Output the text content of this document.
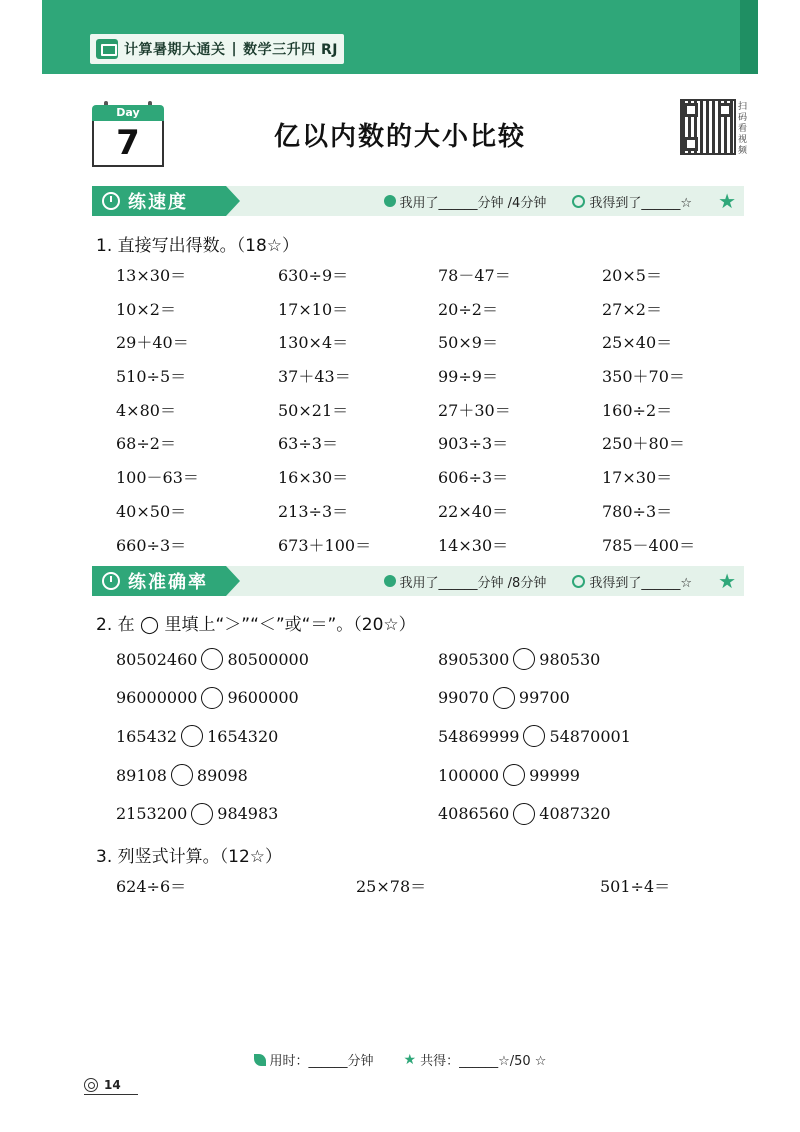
计算暑期大通关 | 数学三升四 RJ
Day
7	亿以内数的大小比较
扫码看视频
练速度	我用了______分钟 /4分钟	我得到了______☆ ★
1. 直接写出得数。（18☆）
13×30＝	630÷9＝	78－47＝	20×5＝
10×2＝	17×10＝	20÷2＝	27×2＝
29＋40＝	130×4＝	50×9＝	25×40＝
510÷5＝	37＋43＝	99÷9＝	350＋70＝
4×80＝	50×21＝	27＋30＝	160÷2＝
68÷2＝	63÷3＝	903÷3＝	250＋80＝
100－63＝	16×30＝	606÷3＝	17×30＝
40×50＝	213÷3＝	22×40＝	780÷3＝
660÷3＝	673＋100＝	14×30＝	785－400＝
练准确率	我用了______分钟 /8分钟	我得到了______☆ ★
2. 在 ◯ 里填上“＞”“＜”或“＝”。（20☆）
80502460 80500000	8905300 980530
96000000 9600000	99070 99700
165432 1654320	54869999 54870001
89108 89098	100000 99999
2153200 984983	4086560 4087320
3. 列竖式计算。（12☆）
624÷6＝	25×78＝	501÷4＝
用时：______分钟 ★ 共得：______☆/50 ☆
14
